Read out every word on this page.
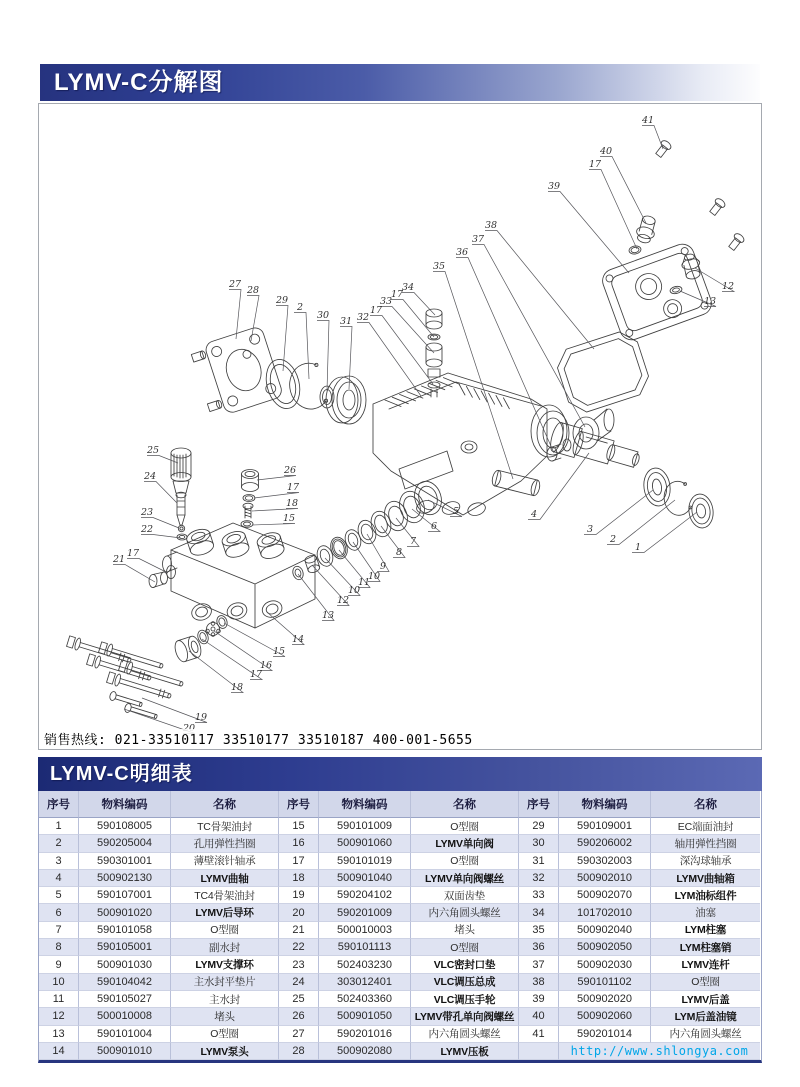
LYMV-C分解图
41
40
17
39
38
37
36
35
34
17
33
17
32
31
30
2
29
28
27	12
13
4
3
2
1
5
6
7
8
9
10
11
10
12
13
25
24
23
22
17
21
26
17
18
15
14
15
16
17
18
19
销售热线: 021-33510117 33510177 33510187 400-001-5655
LYMV-C明细表
序号	物料编码	名称	序号	物料编码	名称	序号	物料编码	名称
1	590108005	TC骨架油封	15	590101009	O型圈	29	590109001	EC端面油封
2	590205004	孔用弹性挡圈	16	500901060	LYMV单向阀	30	590206002	轴用弹性挡圈
3	590301001	薄壁滚针轴承	17	590101019	O型圈	31	590302003	深沟球轴承
4	500902130	LYMV曲轴	18	500901040	LYMV单向阀螺丝	32	500902010	LYMV曲轴箱
5	590107001	TC4骨架油封	19	590204102	双面齿垫	33	500902070	LYM油标组件
6	500901020	LYMV后导环	20	590201009	内六角圆头螺丝	34	101702010	油塞
7	590101058	O型圈	21	500010003	堵头	35	500902040	LYM柱塞
8	590105001	副水封	22	590101113	O型圈	36	500902050	LYM柱塞销
9	500901030	LYMV支撑环	23	502403230	VLC密封口垫	37	500902030	LYMV连杆
10	590104042	主水封平垫片	24	303012401	VLC调压总成	38	590101102	O型圈
11	590105027	主水封	25	502403360	VLC调压手轮	39	500902020	LYMV后盖
12	500010008	堵头	26	500901050	LYMV带孔单向阀螺丝	40	500902060	LYM后盖油镜
13	590101004	O型圈	27	590201016	内六角圆头螺丝	41	590201014	内六角圆头螺丝
14	500901010	LYMV泵头	28	500902080	LYMV压板	http://www.shlongya.com
